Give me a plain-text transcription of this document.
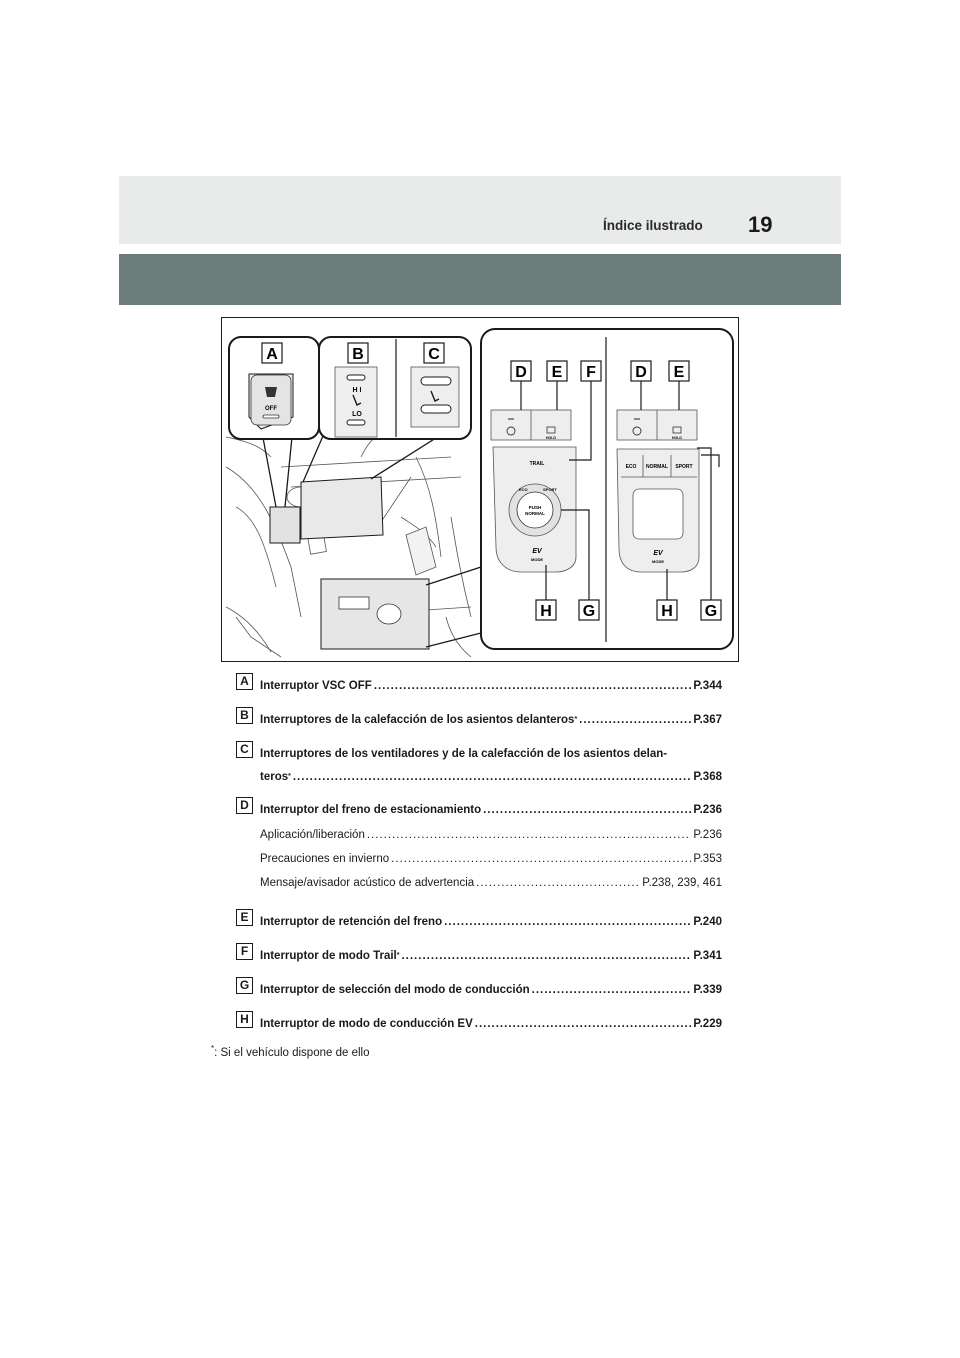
Índice ilustrado 19
A
OFF
B	C
H I
LO
D E F D E
H G	H G
HOLD
TRAIL
ECO	SPORT
PUSH
NORMAL
EV
MODE
HOLD
ECO NORMAL SPORT
EV
MODE
A Interruptor VSC OFF .....	P.344
B Interruptores de la calefacción de los asientos delanteros* .....	P.367
C Interruptores de los ventiladores y de la calefacción de los asientos delan-
teros* .....	P.368
D Interruptor del freno de estacionamiento .....	P.236
Aplicación/liberación .....	P.236
Precauciones en invierno .....	P.353
Mensaje/avisador acústico de advertencia .....	P.238, 239, 461
E	Interruptor de retención del freno .....	P.240
F	Interruptor de modo Trail* .....	P.341
G Interruptor de selección del modo de conducción .....	P.339
H Interruptor de modo de conducción EV .....	P.229
*: Si el vehículo dispone de ello
